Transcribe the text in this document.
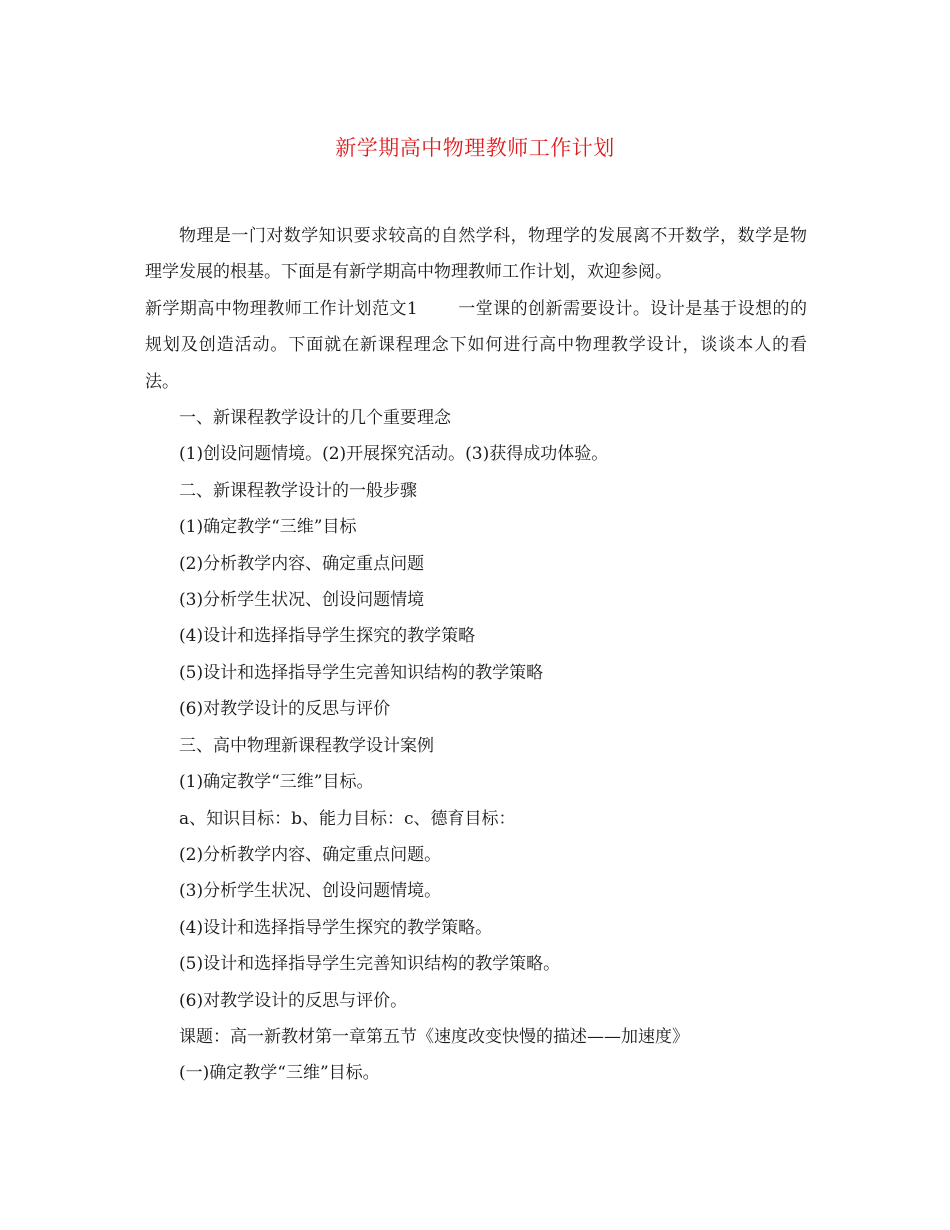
新学期高中物理教师工作计划

物理是一门对数学知识要求较高的自然学科，物理学的发展离不开数学，数学是物理学发展的根基。下面是有新学期高中物理教师工作计划，欢迎参阅。

新学期高中物理教师工作计划范文1 一堂课的创新需要设计。设计是基于设想的的规划及创造活动。下面就在新课程理念下如何进行高中物理教学设计，谈谈本人的看法。

一、新课程教学设计的几个重要理念

(1)创设问题情境。(2)开展探究活动。(3)获得成功体验。

二、新课程教学设计的一般步骤

(1)确定教学“三维”目标

(2)分析教学内容、确定重点问题

(3)分析学生状况、创设问题情境

(4)设计和选择指导学生探究的教学策略

(5)设计和选择指导学生完善知识结构的教学策略

(6)对教学设计的反思与评价

三、高中物理新课程教学设计案例

(1)确定教学“三维”目标。

a、知识目标：b、能力目标：c、德育目标：

(2)分析教学内容、确定重点问题。

(3)分析学生状况、创设问题情境。

(4)设计和选择指导学生探究的教学策略。

(5)设计和选择指导学生完善知识结构的教学策略。

(6)对教学设计的反思与评价。

课题：高一新教材第一章第五节《速度改变快慢的描述——加速度》

(一)确定教学“三维”目标。
